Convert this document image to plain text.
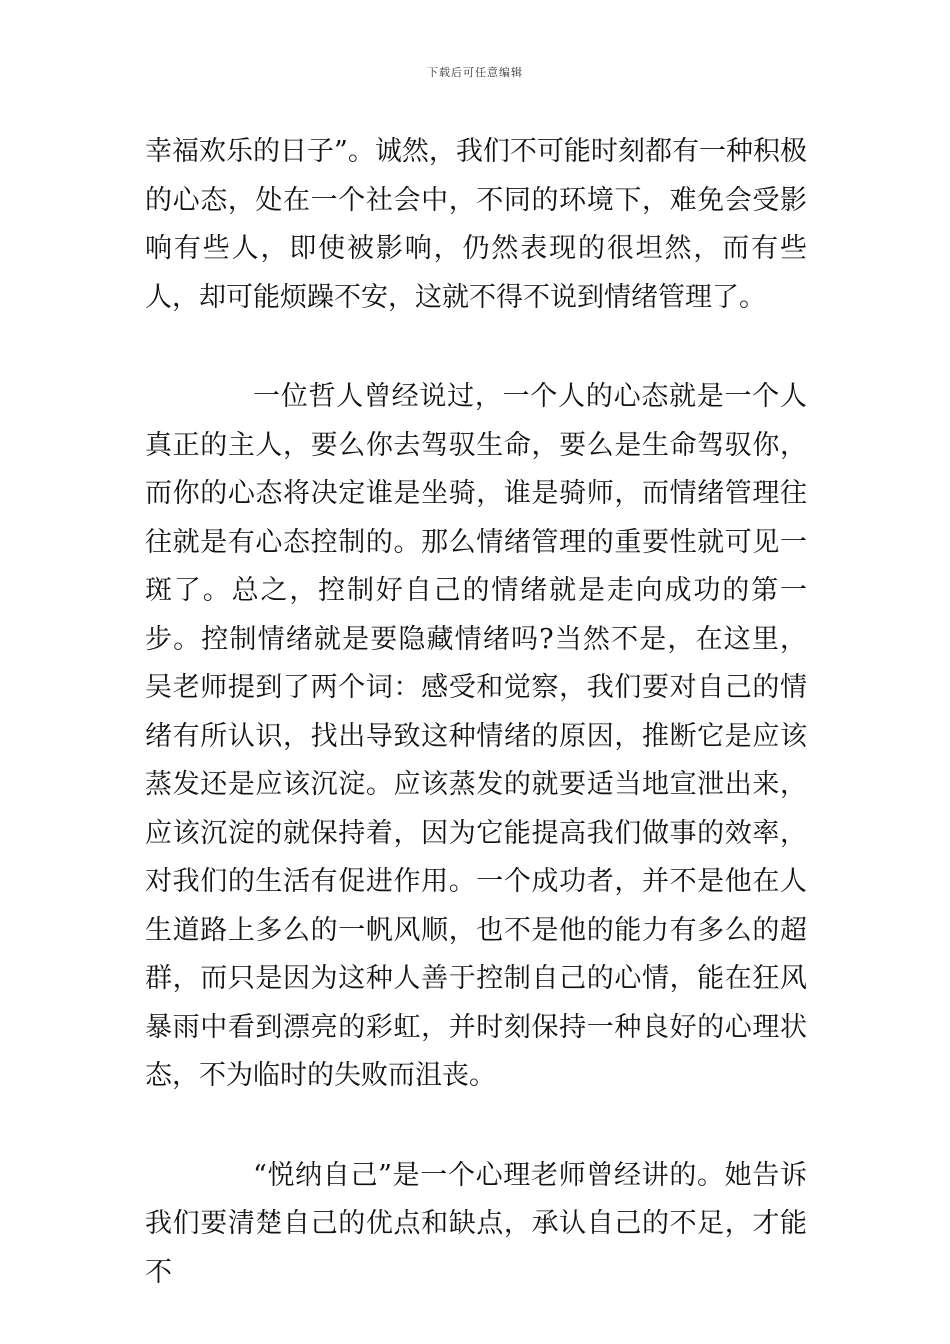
下载后可任意编辑

幸福欢乐的日子”。诚然，我们不可能时刻都有一种积极的心态，处在一个社会中，不同的环境下，难免会受影响有些人，即使被影响，仍然表现的很坦然，而有些人，却可能烦躁不安，这就不得不说到情绪管理了。

一位哲人曾经说过，一个人的心态就是一个人真正的主人，要么你去驾驭生命，要么是生命驾驭你，而你的心态将决定谁是坐骑，谁是骑师，而情绪管理往往就是有心态控制的。那么情绪管理的重要性就可见一斑了。总之，控制好自己的情绪就是走向成功的第一步。控制情绪就是要隐藏情绪吗?当然不是，在这里，吴老师提到了两个词：感受和觉察，我们要对自己的情绪有所认识，找出导致这种情绪的原因，推断它是应该蒸发还是应该沉淀。应该蒸发的就要适当地宣泄出来，应该沉淀的就保持着，因为它能提高我们做事的效率，对我们的生活有促进作用。一个成功者，并不是他在人生道路上多么的一帆风顺，也不是他的能力有多么的超群，而只是因为这种人善于控制自己的心情，能在狂风暴雨中看到漂亮的彩虹，并时刻保持一种良好的心理状态，不为临时的失败而沮丧。

“悦纳自己”是一个心理老师曾经讲的。她告诉我们要清楚自己的优点和缺点，承认自己的不足，才能不
